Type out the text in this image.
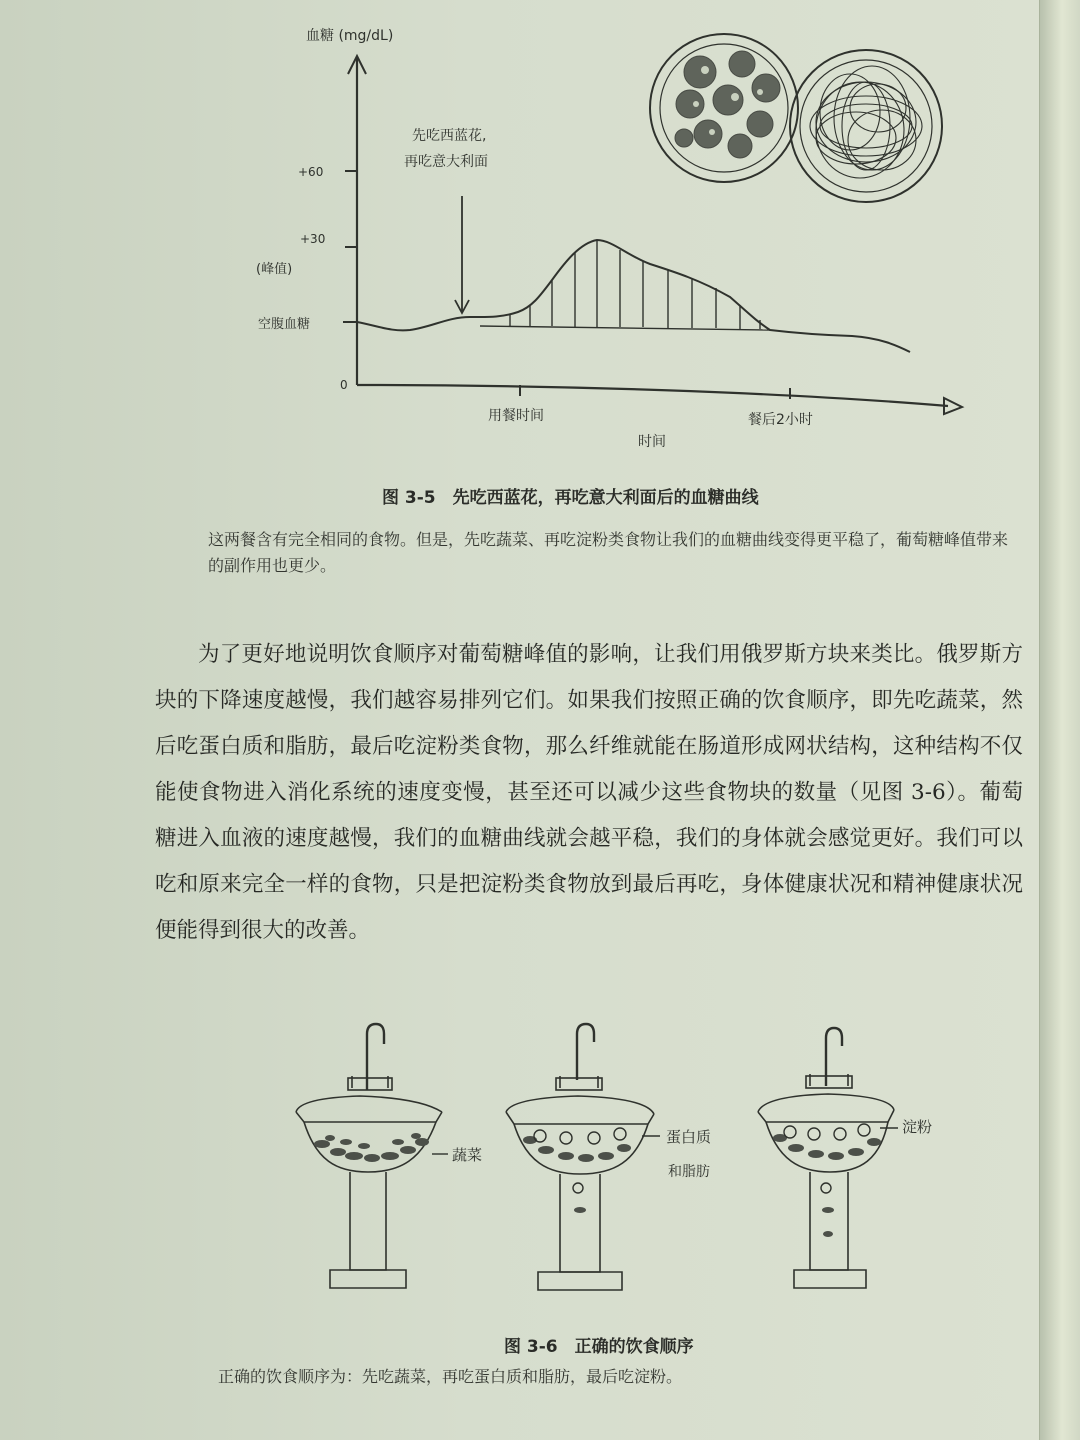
血糖 (mg/dL)
+60
+30
(峰值)
空腹血糖
0
先吃西蓝花,
再吃意大利面
用餐时间	餐后2小时
时间
图 3-5　先吃西蓝花，再吃意大利面后的血糖曲线
这两餐含有完全相同的食物。但是，先吃蔬菜、再吃淀粉类食物让我们的血糖曲线变得更平稳了，葡萄糖峰值带来的副作用也更少。

为了更好地说明饮食顺序对葡萄糖峰值的影响，让我们用俄罗斯方块来类比。俄罗斯方块的下降速度越慢，我们越容易排列它们。如果我们按照正确的饮食顺序，即先吃蔬菜，然后吃蛋白质和脂肪，最后吃淀粉类食物，那么纤维就能在肠道形成网状结构，这种结构不仅能使食物进入消化系统的速度变慢，甚至还可以减少这些食物块的数量（见图 3-6）。葡萄糖进入血液的速度越慢，我们的血糖曲线就会越平稳，我们的身体就会感觉更好。我们可以吃和原来完全一样的食物，只是把淀粉类食物放到最后再吃，身体健康状况和精神健康状况便能得到很大的改善。

蔬菜
蛋白质
和脂肪
淀粉
图 3-6　正确的饮食顺序
正确的饮食顺序为：先吃蔬菜，再吃蛋白质和脂肪，最后吃淀粉。
